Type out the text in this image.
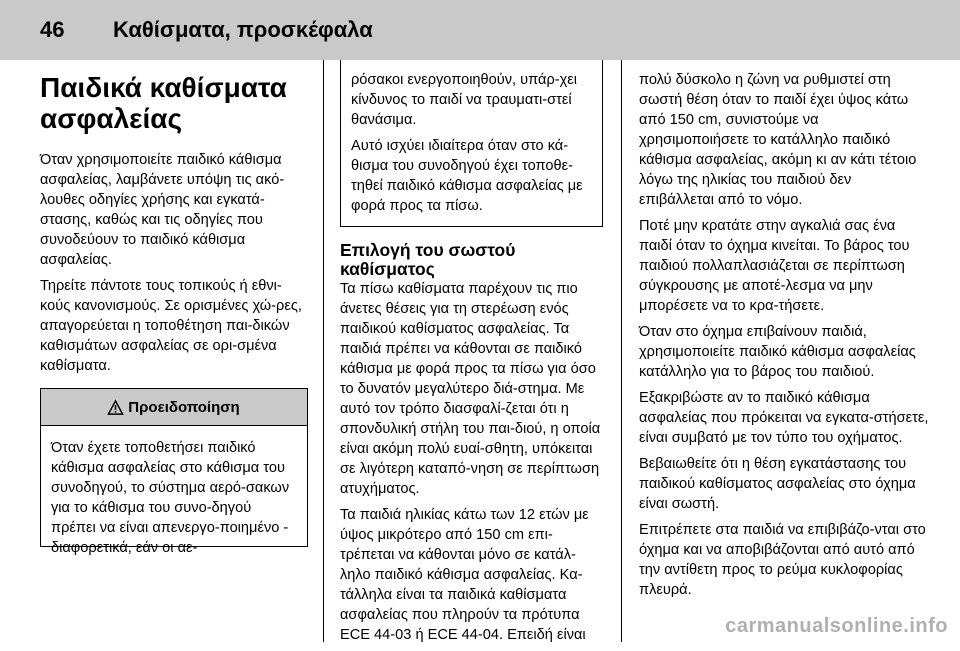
46 Καθίσματα, προσκέφαλα
Παιδικά καθίσματα ασφαλείας

Όταν χρησιμοποιείτε παιδικό κάθισμα ασφαλείας, λαμβάνετε υπόψη τις ακό-λουθες οδηγίες χρήσης και εγκατά-στασης, καθώς και τις οδηγίες που συνοδεύουν το παιδικό κάθισμα ασφαλείας.

Τηρείτε πάντοτε τους τοπικούς ή εθνι-κούς κανονισμούς. Σε ορισμένες χώ-ρες, απαγορεύεται η τοποθέτηση παι-δικών καθισμάτων ασφαλείας σε ορι-σμένα καθίσματα.

Προειδοποίηση

Όταν έχετε τοποθετήσει παιδικό κάθισμα ασφαλείας στο κάθισμα του συνοδηγού, το σύστημα αερό-σακων για το κάθισμα του συνο-δηγού πρέπει να είναι απενεργο-ποιημένο - διαφορετικά, εάν οι αε-

ρόσακοι ενεργοποιηθούν, υπάρ-χει κίνδυνος το παιδί να τραυματι-στεί θανάσιμα.

Αυτό ισχύει ιδιαίτερα όταν στο κά-θισμα του συνοδηγού έχει τοποθε-τηθεί παιδικό κάθισμα ασφαλείας με φορά προς τα πίσω.

Επιλογή του σωστού καθίσματος

Τα πίσω καθίσματα παρέχουν τις πιο άνετες θέσεις για τη στερέωση ενός παιδικού καθίσματος ασφαλείας. Τα παιδιά πρέπει να κάθονται σε παιδικό κάθισμα με φορά προς τα πίσω για όσο το δυνατόν μεγαλύτερο διά-στημα. Με αυτό τον τρόπο διασφαλί-ζεται ότι η σπονδυλική στήλη του παι-διού, η οποία είναι ακόμη πολύ ευαί-σθητη, υπόκειται σε λιγότερη καταπό-νηση σε περίπτωση ατυχήματος.

Τα παιδιά ηλικίας κάτω των 12 ετών με ύψος μικρότερο από 150 cm επι-τρέπεται να κάθονται μόνο σε κατάλ-ληλο παιδικό κάθισμα ασφαλείας. Κα-τάλληλα είναι τα παιδικά καθίσματα ασφαλείας που πληρούν τα πρότυπα ECE 44-03 ή ECE 44-04. Επειδή είναι

πολύ δύσκολο η ζώνη να ρυθμιστεί στη σωστή θέση όταν το παιδί έχει ύψος κάτω από 150 cm, συνιστούμε να χρησιμοποιήσετε το κατάλληλο παιδικό κάθισμα ασφαλείας, ακόμη κι αν κάτι τέτοιο λόγω της ηλικίας του παιδιού δεν επιβάλλεται από το νόμο.

Ποτέ μην κρατάτε στην αγκαλιά σας ένα παιδί όταν το όχημα κινείται. Το βάρος του παιδιού πολλαπλασιάζεται σε περίπτωση σύγκρουσης με αποτέ-λεσμα να μην μπορέσετε να το κρα-τήσετε.

Όταν στο όχημα επιβαίνουν παιδιά, χρησιμοποιείτε παιδικό κάθισμα ασφαλείας κατάλληλο για το βάρος του παιδιού.

Εξακριβώστε αν το παιδικό κάθισμα ασφαλείας που πρόκειται να εγκατα-στήσετε, είναι συμβατό με τον τύπο του οχήματος.

Βεβαιωθείτε ότι η θέση εγκατάστασης του παιδικού καθίσματος ασφαλείας στο όχημα είναι σωστή.

Επιτρέπετε στα παιδιά να επιβιβάζο-νται στο όχημα και να αποβιβάζονται από αυτό από την αντίθετη προς το ρεύμα κυκλοφορίας πλευρά.

carmanualsonline.info
